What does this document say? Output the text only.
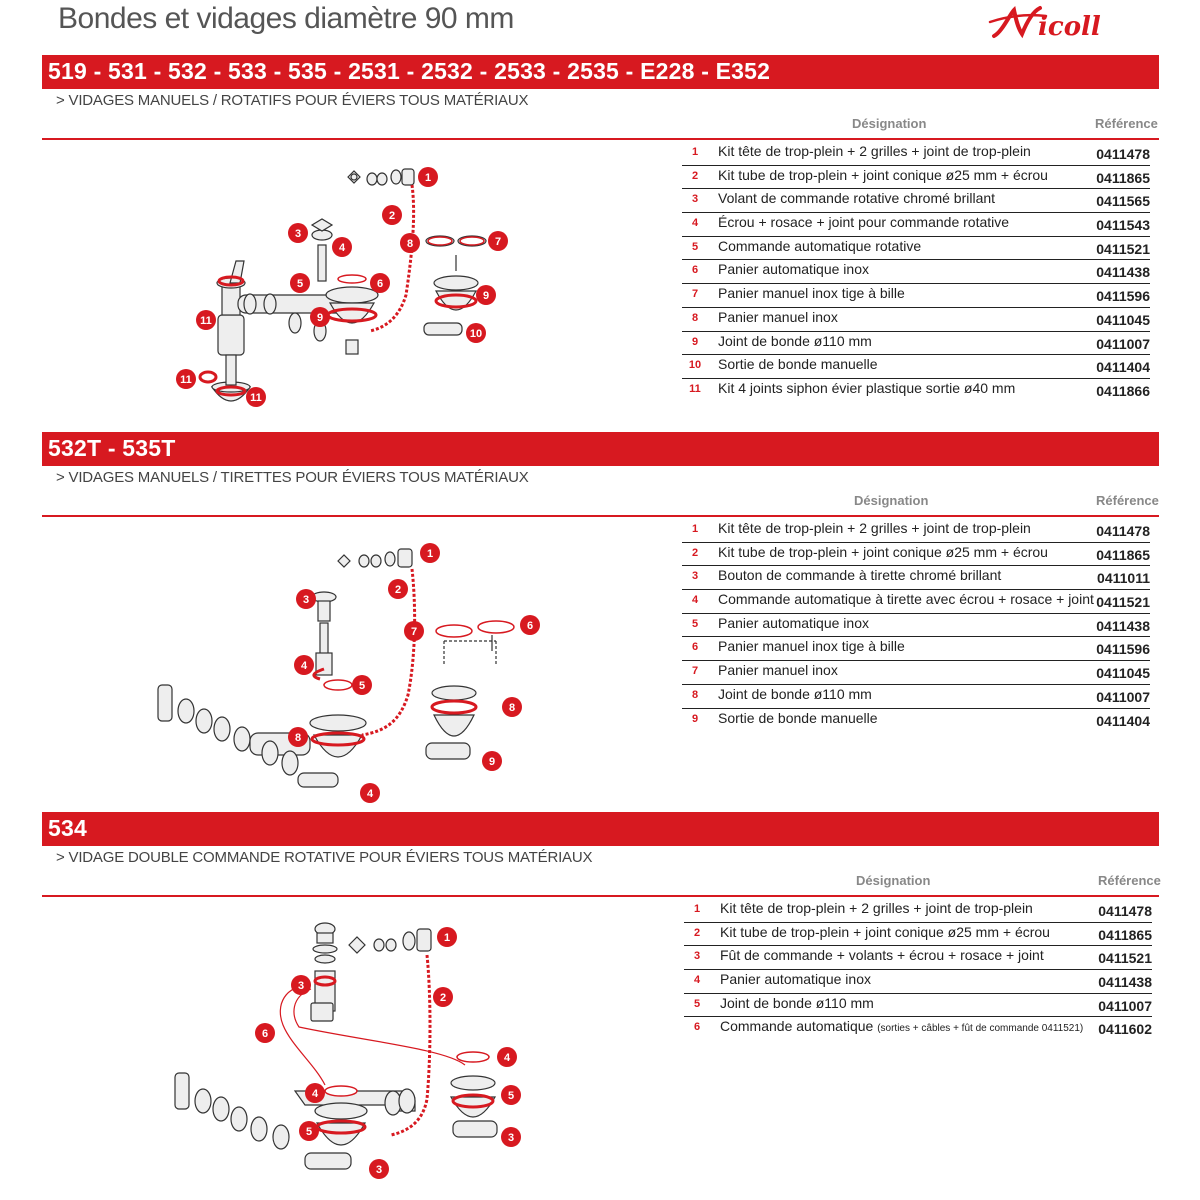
Bondes et vidages diamètre 90 mm	icoll
519 - 531 - 532 - 533 - 535 - 2531 - 2532 - 2533 - 2535 - E228 - E352
> VIDAGES MANUELS / ROTATIFS POUR ÉVIERS TOUS MATÉRIAUX
Désignation	Référence
1 Kit tête de trop-plein + 2 grilles + joint de trop-plein	0411478
2 Kit tube de trop-plein + joint conique ø25 mm + écrou	0411865
3 Volant de commande rotative chromé brillant	0411565
4 Écrou + rosace + joint pour commande rotative	0411543
5 Commande automatique rotative	0411521
6 Panier automatique inox	0411438
7 Panier manuel inox tige à bille	0411596
8 Panier manuel inox	0411045
9 Joint de bonde ø110 mm	0411007
10 Sortie de bonde manuelle	0411404
11 Kit 4 joints siphon évier plastique sortie ø40 mm	0411866
1
2
3
4
5	6
7
8
9
9
10
11
11
11
532T - 535T
> VIDAGES MANUELS / TIRETTES POUR ÉVIERS TOUS MATÉRIAUX
Désignation	Référence
1 Kit tête de trop-plein + 2 grilles + joint de trop-plein	0411478
2 Kit tube de trop-plein + joint conique ø25 mm + écrou	0411865
3 Bouton de commande à tirette chromé brillant	0411011
4 Commande automatique à tirette avec écrou + rosace + joint 0411521
5 Panier automatique inox	0411438
6 Panier manuel inox tige à bille	0411596
7 Panier manuel inox	0411045
8 Joint de bonde ø110 mm	0411007
9 Sortie de bonde manuelle	0411404
1
2
3
4
4
5
6
7
8
8
9
534
> VIDAGE DOUBLE COMMANDE ROTATIVE POUR ÉVIERS TOUS MATÉRIAUX
Désignation	Référence
1 Kit tête de trop-plein + 2 grilles + joint de trop-plein	0411478
2 Kit tube de trop-plein + joint conique ø25 mm + écrou	0411865
3 Fût de commande + volants + écrou + rosace + joint	0411521
4 Panier automatique inox	0411438
5 Joint de bonde ø110 mm	0411007
6 Commande automatique (sorties + câbles + fût de commande 0411521) 0411602
1
2
3
3
3
4
4
5
5
6
